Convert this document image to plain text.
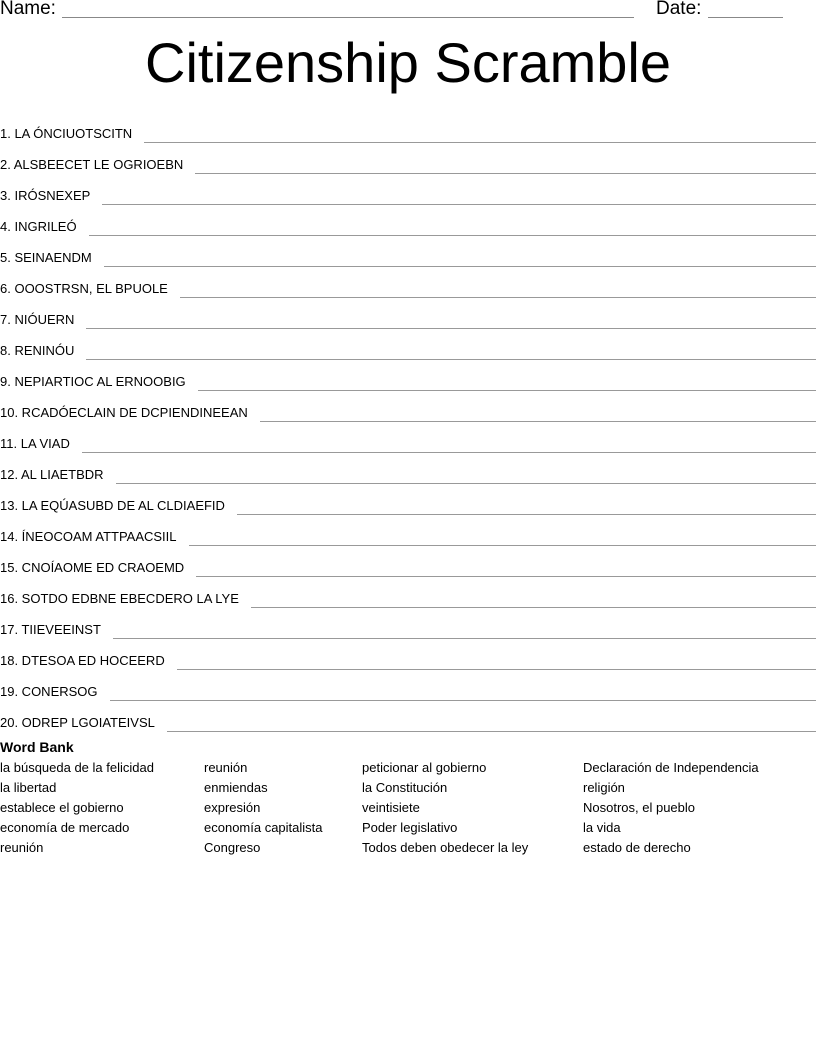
Name:	Date:
Citizenship Scramble
1. LA ÓNCIUOTSCITN
2. ALSBEECET LE OGRIOEBN
3. IRÓSNEXEP
4. INGRILEÓ
5. SEINAENDM
6. OOOSTRSN, EL BPUOLE
7. NIÓUERN
8. RENINÓU
9. NEPIARTIOC AL ERNOOBIG
10. RCADÓECLAIN DE DCPIENDINEEAN
11. LA VIAD
12. AL LIAETBDR
13. LA EQÚASUBD DE AL CLDIAEFID
14. ÍNEOCOAM ATTPAACSIIL
15. CNOÍAOME ED CRAOEMD
16. SOTDO EDBNE EBECDERO LA LYE
17. TIIEVEEINST
18. DTESOA ED HOCEERD
19. CONERSOG
20. ODREP LGOIATEIVSL
Word Bank
la búsqueda de la felicidad
la libertad
establece el gobierno
economía de mercado
reunión
reunión
enmiendas
expresión
economía capitalista
Congreso
peticionar al gobierno
la Constitución
veintisiete
Poder legislativo
Todos deben obedecer la ley
Declaración de Independencia
religión
Nosotros, el pueblo
la vida
estado de derecho
